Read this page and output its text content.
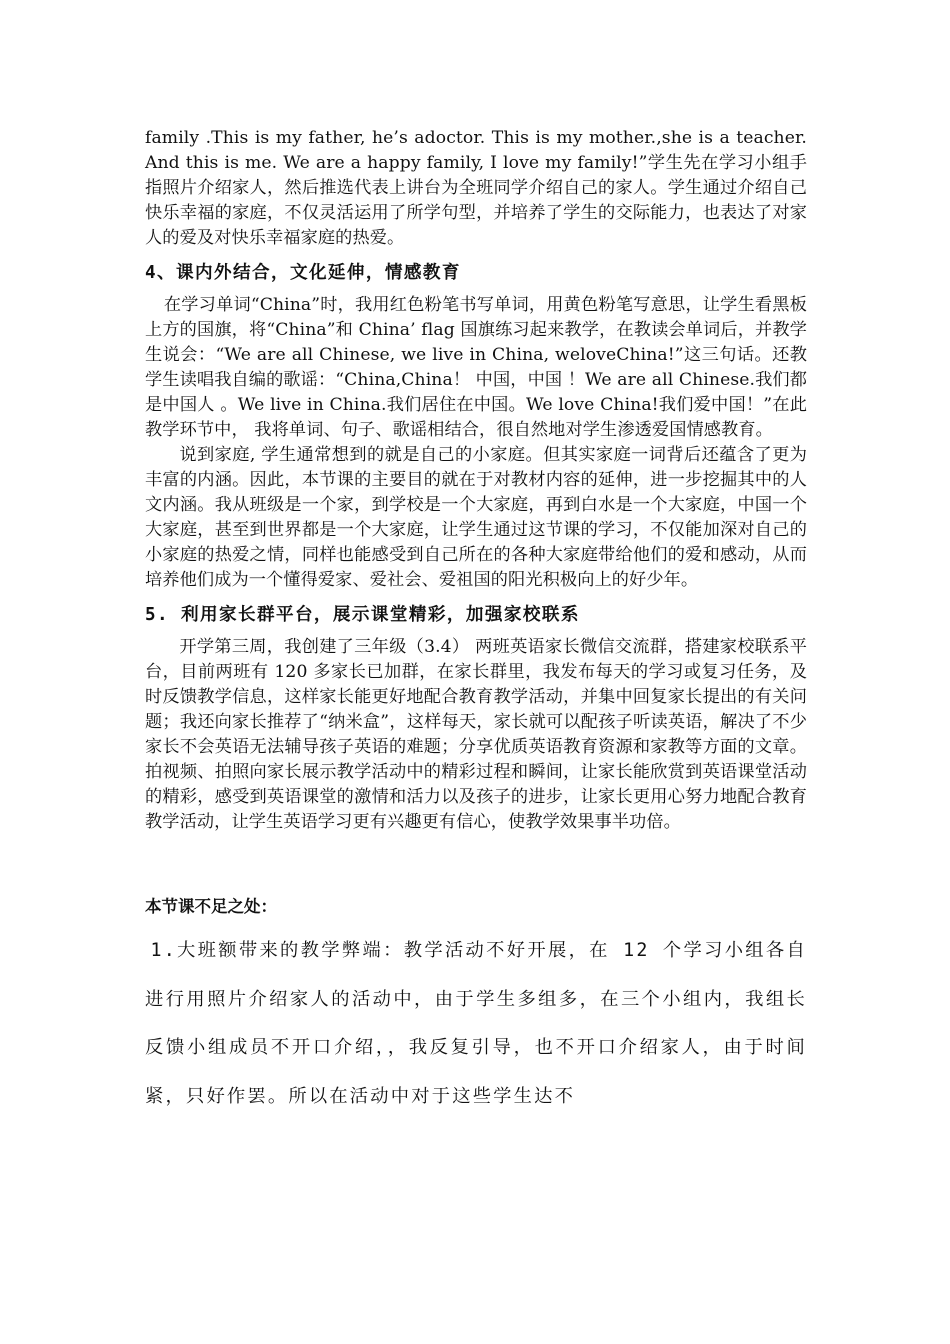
family .This is my father, he’s adoctor. This is my mother.,she is a teacher. And this is me. We are a happy family, I love my family!”学生先在学习小组手指照片介绍家人，然后推选代表上讲台为全班同学介绍自己的家人。学生通过介绍自己快乐幸福的家庭，不仅灵活运用了所学句型，并培养了学生的交际能力，也表达了对家人的爱及对快乐幸福家庭的热爱。

4、课内外结合，文化延伸，情感教育

在学习单词“China”时，我用红色粉笔书写单词，用黄色粉笔写意思，让学生看黑板上方的国旗，将“China”和 China’ flag 国旗练习起来教学，在教读会单词后，并教学生说会：“We are all Chinese, we live in China, weloveChina!”这三句话。还教学生读唱我自编的歌谣：“China,China！ 中国，中国 ！We are all Chinese.我们都是中国人 。We live in China.我们居住在中国。We love China!我们爱中国！”在此教学环节中， 我将单词、句子、歌谣相结合，很自然地对学生渗透爱国情感教育。

说到家庭, 学生通常想到的就是自己的小家庭。但其实家庭一词背后还蕴含了更为丰富的内涵。因此，本节课的主要目的就在于对教材内容的延伸，进一步挖掘其中的人文内涵。我从班级是一个家，到学校是一个大家庭，再到白水是一个大家庭，中国一个大家庭，甚至到世界都是一个大家庭，让学生通过这节课的学习，不仅能加深对自己的小家庭的热爱之情，同样也能感受到自己所在的各种大家庭带给他们的爱和感动，从而培养他们成为一个懂得爱家、爱社会、爱祖国的阳光积极向上的好少年。

5. 利用家长群平台，展示课堂精彩，加强家校联系

开学第三周，我创建了三年级（3.4） 两班英语家长微信交流群，搭建家校联系平台，目前两班有 120 多家长已加群，在家长群里，我发布每天的学习或复习任务，及时反馈教学信息，这样家长能更好地配合教育教学活动，并集中回复家长提出的有关问题；我还向家长推荐了“纳米盒”，这样每天，家长就可以配孩子听读英语，解决了不少家长不会英语无法辅导孩子英语的难题；分享优质英语教育资源和家教等方面的文章。拍视频、拍照向家长展示教学活动中的精彩过程和瞬间，让家长能欣赏到英语课堂活动的精彩，感受到英语课堂的激情和活力以及孩子的进步，让家长更用心努力地配合教育教学活动，让学生英语学习更有兴趣更有信心，使教学效果事半功倍。

本节课不足之处：

1.大班额带来的教学弊端：教学活动不好开展，在 12 个学习小组各自进行用照片介绍家人的活动中，由于学生多组多，在三个小组内，我组长反馈小组成员不开口介绍，，我反复引导，也不开口介绍家人，由于时间紧，只好作罢。所以在活动中对于这些学生达不
